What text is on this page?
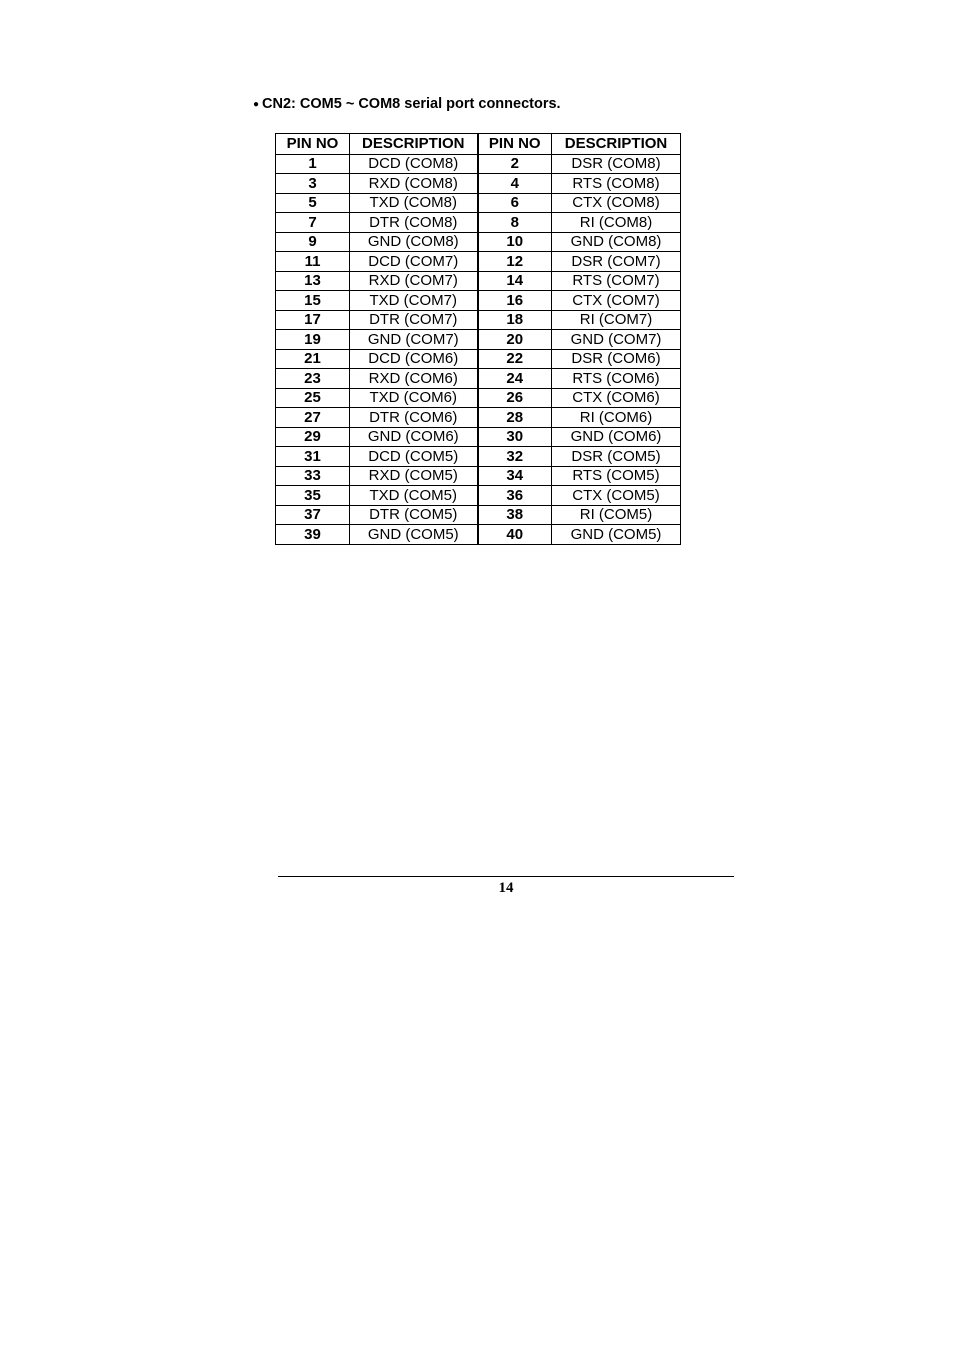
● CN2: COM5 ~ COM8 serial port connectors.
PIN NO	DESCRIPTION	PIN NO	DESCRIPTION
1	DCD (COM8)	2	DSR (COM8)
3	RXD (COM8)	4	RTS (COM8)
5	TXD (COM8)	6	CTX (COM8)
7	DTR (COM8)	8	RI (COM8)
9	GND (COM8)	10	GND (COM8)
11	DCD (COM7)	12	DSR (COM7)
13	RXD (COM7)	14	RTS (COM7)
15	TXD (COM7)	16	CTX (COM7)
17	DTR (COM7)	18	RI (COM7)
19	GND (COM7)	20	GND (COM7)
21	DCD (COM6)	22	DSR (COM6)
23	RXD (COM6)	24	RTS (COM6)
25	TXD (COM6)	26	CTX (COM6)
27	DTR (COM6)	28	RI (COM6)
29	GND (COM6)	30	GND (COM6)
31	DCD (COM5)	32	DSR (COM5)
33	RXD (COM5)	34	RTS (COM5)
35	TXD (COM5)	36	CTX (COM5)
37	DTR (COM5)	38	RI (COM5)
39	GND (COM5)	40	GND (COM5)
14
